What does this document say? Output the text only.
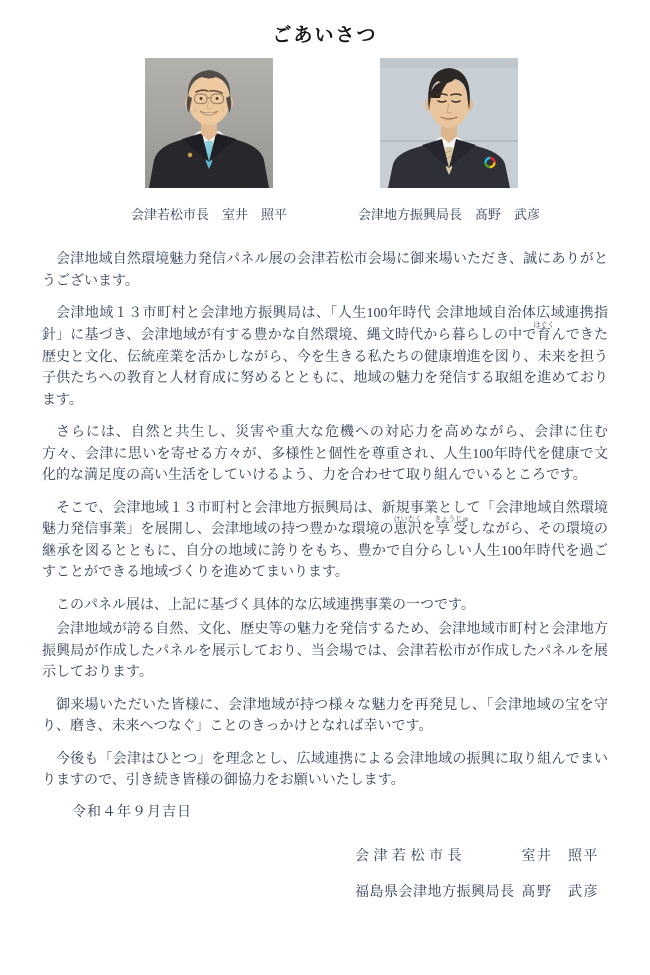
ごあいさつ
会津若松市長　室井　照平	会津地方振興局長　髙野　武彦

会津地域自然環境魅力発信パネル展の会津若松市会場に御来場いただき、誠にありがとうございます。

会津地域１３市町村と会津地方振興局は、「人生100年時代 会津地域自治体広域連携指針」に基づき、会津地域が有する豊かな自然環境、縄文時代から暮らしの中で育はぐくんできた歴史と文化、伝統産業を活かしながら、今を生きる私たちの健康増進を図り、未来を担う子供たちへの教育と人材育成に努めるとともに、地域の魅力を発信する取組を進めております。

さらには、自然と共生し、災害や重大な危機への対応力を高めながら、会津に住む方々、会津に思いを寄せる方々が、多様性と個性を尊重され、人生100年時代を健康で文化的な満足度の高い生活をしていけるよう、力を合わせて取り組んでいるところです。

そこで、会津地域１３市町村と会津地方振興局は、新規事業として「会津地域自然環境魅力発信事業」を展開し、会津地域の持つ豊かな環境の恵沢けいたくを享受きょうじゅしながら、その環境の継承を図るとともに、自分の地域に誇りをもち、豊かで自分らしい人生100年時代を過ごすことができる地域づくりを進めてまいります。

このパネル展は、上記に基づく具体的な広域連携事業の一つです。

会津地域が誇る自然、文化、歴史等の魅力を発信するため、会津地域市町村と会津地方振興局が作成したパネルを展示しており、当会場では、会津若松市が作成したパネルを展示しております。

御来場いただいた皆様に、会津地域が持つ様々な魅力を再発見し、「会津地域の宝を守り、磨き、未来へつなぐ」ことのきっかけとなれば幸いです。

今後も「会津はひとつ」を理念とし、広域連携による会津地域の振興に取り組んでまいりますので、引き続き皆様の御協力をお願いいたします。

令和４年９月吉日
会津若松市長	室井　照平
福島県会津地方振興局長 髙野　武彦
